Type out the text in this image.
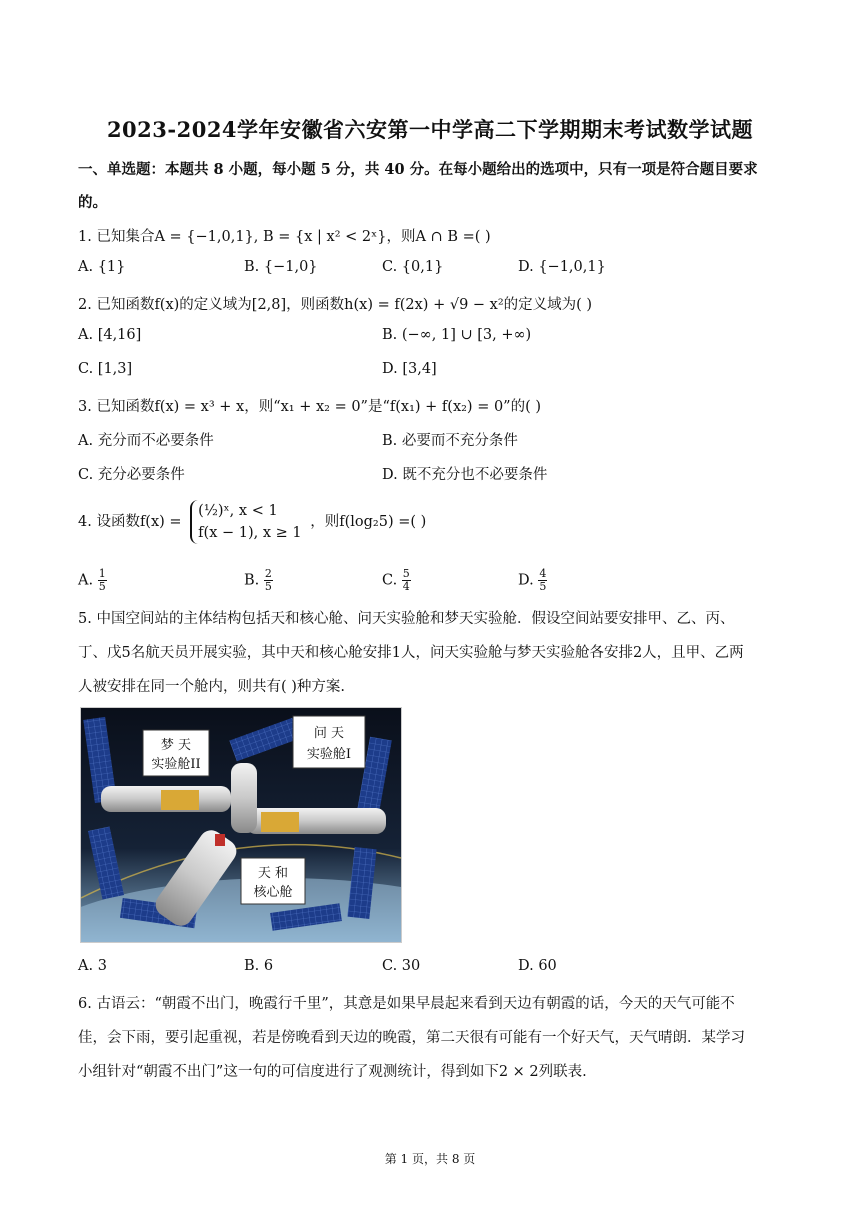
2023-2024学年安徽省六安第一中学高二下学期期末考试数学试题
一、单选题：本题共 8 小题，每小题 5 分，共 40 分。在每小题给出的选项中，只有一项是符合题目要求
的。
1. 已知集合A = {−1,0,1}, B = {x | x² < 2ˣ}，则A ∩ B =( )
A. {1}	B. {−1,0}	C. {0,1}	D. {−1,0,1}
2. 已知函数f(x)的定义域为[2,8]，则函数h(x) = f(2x) + √9 − x²的定义域为( )
A. [4,16]	B. (−∞, 1] ∪ [3, +∞)
C. [1,3]	D. [3,4]
3. 已知函数f(x) = x³ + x，则“x₁ + x₂ = 0”是“f(x₁) + f(x₂) = 0”的( )
A. 充分而不必要条件	B. 必要而不充分条件
C. 充分必要条件	D. 既不充分也不必要条件
4. 设函数f(x) =
(½)ˣ, x < 1
f(x − 1), x ≥ 1
，则f(log₂5) =( )
A. $\frac{1}{5}$	B. $\frac{2}{5}$	C. $\frac{5}{4}$	D. $\frac{4}{5}$
5. 中国空间站的主体结构包括天和核心舱、问天实验舱和梦天实验舱．假设空间站要安排甲、乙、丙、
丁、戊5名航天员开展实验，其中天和核心舱安排1人，问天实验舱与梦天实验舱各安排2人，且甲、乙两
人被安排在同一个舱内，则共有( )种方案.
梦 天
实验舱II
问 天
实验舱I
天 和
核心舱
A. 3	B. 6	C. 30	D. 60
6. 古语云：“朝霞不出门，晚霞行千里”，其意是如果早晨起来看到天边有朝霞的话，今天的天气可能不
佳，会下雨，要引起重视，若是傍晚看到天边的晚霞，第二天很有可能有一个好天气，天气晴朗．某学习
小组针对“朝霞不出门”这一句的可信度进行了观测统计，得到如下2 × 2列联表.
第 1 页，共 8 页
